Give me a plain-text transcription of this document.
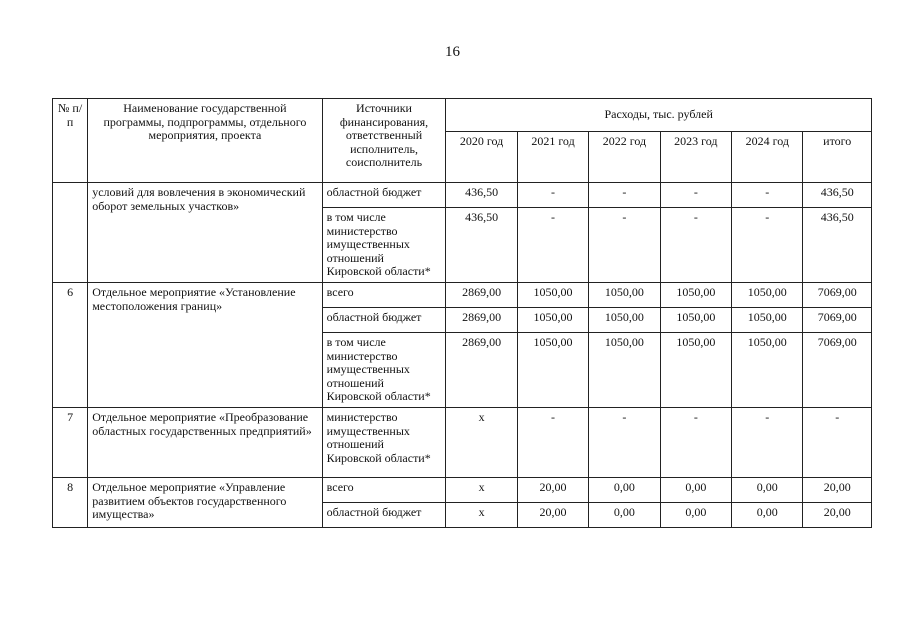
16
№ п/п	Наименование государственной программы, подпрограммы, отдельного мероприятия, проекта	Источники финансирования, ответственный исполнитель, соисполнитель	Расходы, тыс. рублей					
			2020 год	2021 год	2022 год	2023 год	2024 год	итого
	условий для вовлечения в экономический оборот земельных участков»	областной бюджет	436,50	-	-	-	-	436,50
		в том числе министерство имущественных отношений Кировской области*	436,50	-	-	-	-	436,50
6	Отдельное мероприятие «Установление местоположения границ»	всего	2869,00	1050,00	1050,00	1050,00	1050,00	7069,00
		областной бюджет	2869,00	1050,00	1050,00	1050,00	1050,00	7069,00
		в том числе министерство имущественных отношений Кировской области*	2869,00	1050,00	1050,00	1050,00	1050,00	7069,00
7	Отдельное мероприятие «Преобразование областных государственных предприятий»	министерство имущественных отношений Кировской области*	х	-	-	-	-	-
8	Отдельное мероприятие «Управление развитием объектов государственного имущества»	всего	х	20,00	0,00	0,00	0,00	20,00
		областной бюджет	х	20,00	0,00	0,00	0,00	20,00
